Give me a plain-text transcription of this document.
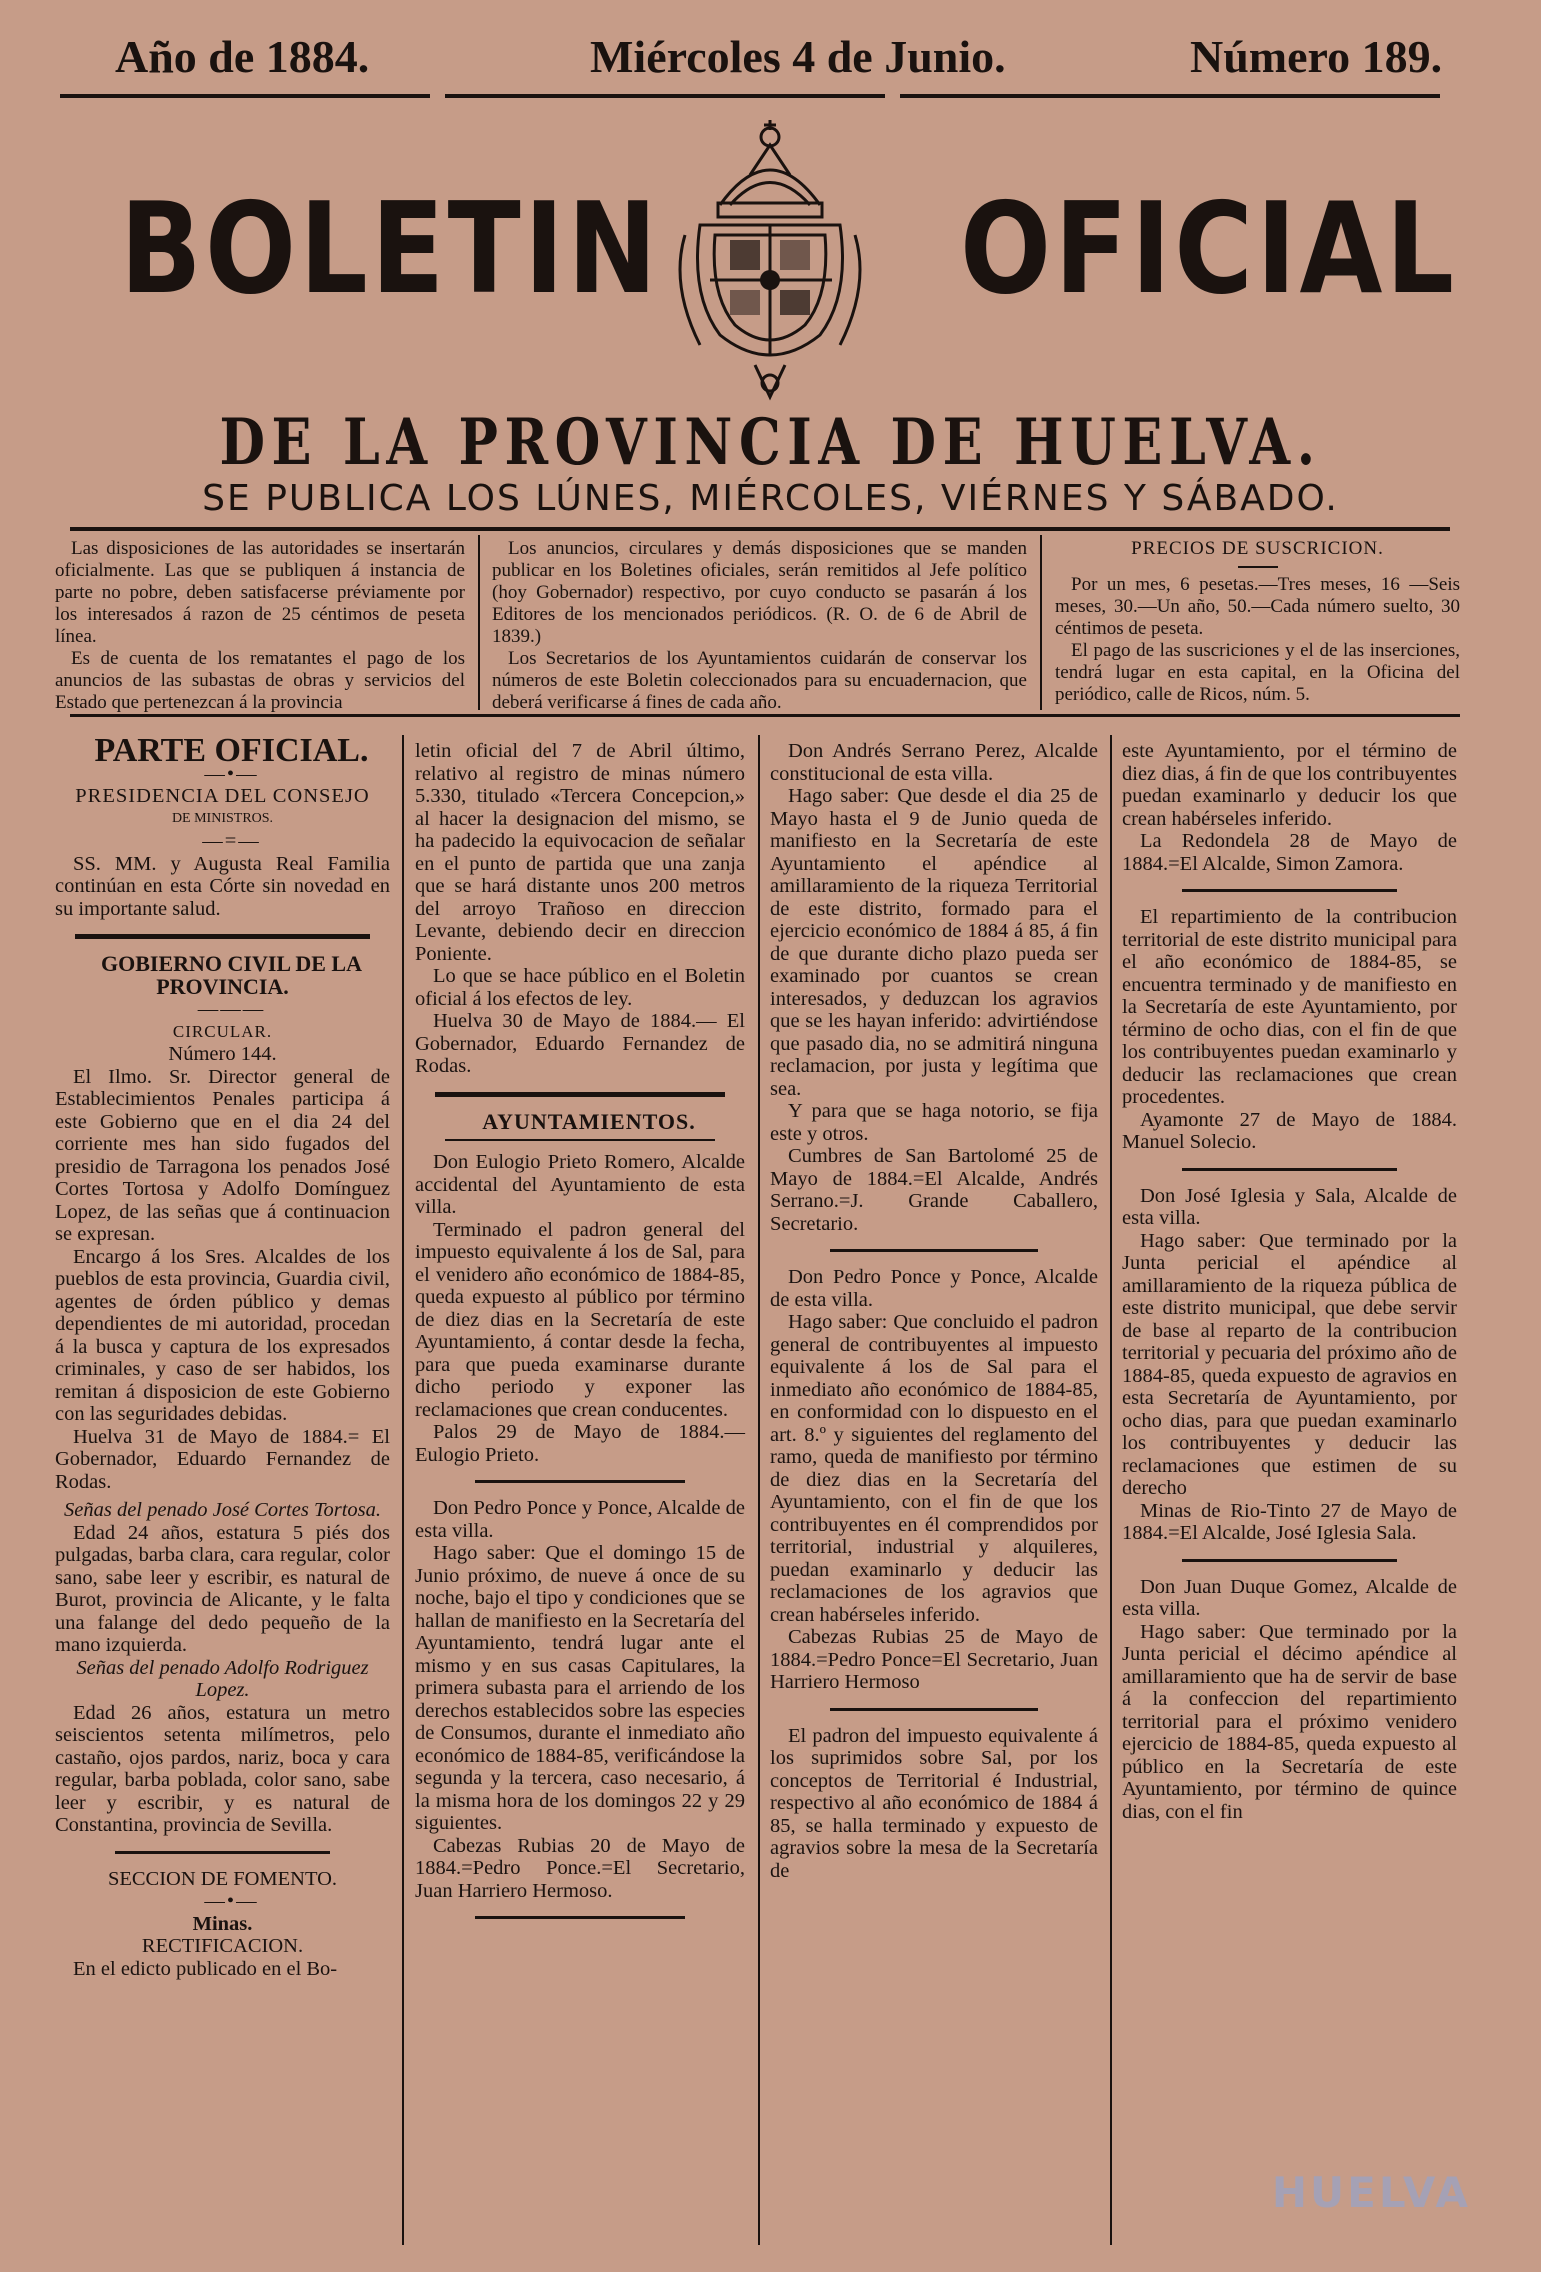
Año de 1884.	Miércoles 4 de Junio.	Número 189.
BOLETIN OFICIAL
DE LA PROVINCIA DE HUELVA.
SE PUBLICA LOS LÚNES, MIÉRCOLES, VIÉRNES Y SÁBADO.

Las disposiciones de las autoridades se insertarán oficialmente. Las que se publiquen á instancia de parte no pobre, deben satisfacerse préviamente por los interesados á razon de 25 céntimos de peseta línea.

Es de cuenta de los rematantes el pago de los anuncios de las subastas de obras y servicios del Estado que pertenezcan á la provincia

Los anuncios, circulares y demás disposiciones que se manden publicar en los Boletines oficiales, serán remitidos al Jefe político (hoy Gobernador) respectivo, por cuyo conducto se pasarán á los Editores de los mencionados periódicos. (R. O. de 6 de Abril de 1839.)

Los Secretarios de los Ayuntamientos cuidarán de conservar los números de este Boletin coleccionados para su encuadernacion, que deberá verificarse á fines de cada año.

PRECIOS DE SUSCRICION.

Por un mes, 6 pesetas.—Tres meses, 16 —Seis meses, 30.—Un año, 50.—Cada número suelto, 30 céntimos de peseta.

El pago de las suscriciones y el de las inserciones, tendrá lugar en esta capital, en la Oficina del periódico, calle de Ricos, núm. 5.

PARTE OFICIAL.

—•—

PRESIDENCIA DEL CONSEJO

DE MINISTROS.

—=—

SS. MM. y Augusta Real Familia continúan en esta Córte sin novedad en su importante salud.

GOBIERNO CIVIL DE LA PROVINCIA.

———

CIRCULAR.

Número 144.

El Ilmo. Sr. Director general de Establecimientos Penales participa á este Gobierno que en el dia 24 del corriente mes han sido fugados del presidio de Tarragona los penados José Cortes Tortosa y Adolfo Domínguez Lopez, de las señas que á continuacion se expresan.

Encargo á los Sres. Alcaldes de los pueblos de esta provincia, Guardia civil, agentes de órden público y demas dependientes de mi autoridad, procedan á la busca y captura de los expresados criminales, y caso de ser habidos, los remitan á disposicion de este Gobierno con las seguridades debidas.

Huelva 31 de Mayo de 1884.= El Gobernador, Eduardo Fernandez de Rodas.

Señas del penado José Cortes Tortosa.

Edad 24 años, estatura 5 piés dos pulgadas, barba clara, cara regular, color sano, sabe leer y escribir, es natural de Burot, provincia de Alicante, y le falta una falange del dedo pequeño de la mano izquierda.

Señas del penado Adolfo Rodriguez Lopez.

Edad 26 años, estatura un metro seiscientos setenta milímetros, pelo castaño, ojos pardos, nariz, boca y cara regular, barba poblada, color sano, sabe leer y escribir, y es natural de Constantina, provincia de Sevilla.

SECCION DE FOMENTO.

—•—

Minas.

RECTIFICACION.

En el edicto publicado en el Bo-

letin oficial del 7 de Abril último, relativo al registro de minas número 5.330, titulado «Tercera Concepcion,» al hacer la designacion del mismo, se ha padecido la equivocacion de señalar en el punto de partida que una zanja que se hará distante unos 200 metros del arroyo Trañoso en direccion Levante, debiendo decir en direccion Poniente.

Lo que se hace público en el Boletin oficial á los efectos de ley.

Huelva 30 de Mayo de 1884.— El Gobernador, Eduardo Fernandez de Rodas.

AYUNTAMIENTOS.

Don Eulogio Prieto Romero, Alcalde accidental del Ayuntamiento de esta villa.

Terminado el padron general del impuesto equivalente á los de Sal, para el venidero año económico de 1884-85, queda expuesto al público por término de diez dias en la Secretaría de este Ayuntamiento, á contar desde la fecha, para que pueda examinarse durante dicho periodo y exponer las reclamaciones que crean conducentes.

Palos 29 de Mayo de 1884.— Eulogio Prieto.

Don Pedro Ponce y Ponce, Alcalde de esta villa.

Hago saber: Que el domingo 15 de Junio próximo, de nueve á once de su noche, bajo el tipo y condiciones que se hallan de manifiesto en la Secretaría del Ayuntamiento, tendrá lugar ante el mismo y en sus casas Capitulares, la primera subasta para el arriendo de los derechos establecidos sobre las especies de Consumos, durante el inmediato año económico de 1884-85, verificándose la segunda y la tercera, caso necesario, á la misma hora de los domingos 22 y 29 siguientes.

Cabezas Rubias 20 de Mayo de 1884.=Pedro Ponce.=El Secretario, Juan Harriero Hermoso.

Don Andrés Serrano Perez, Alcalde constitucional de esta villa.

Hago saber: Que desde el dia 25 de Mayo hasta el 9 de Junio queda de manifiesto en la Secretaría de este Ayuntamiento el apéndice al amillaramiento de la riqueza Territorial de este distrito, formado para el ejercicio económico de 1884 á 85, á fin de que durante dicho plazo pueda ser examinado por cuantos se crean interesados, y deduzcan los agravios que se les hayan inferido: advirtiéndose que pasado dia, no se admitirá ninguna reclamacion, por justa y legítima que sea.

Y para que se haga notorio, se fija este y otros.

Cumbres de San Bartolomé 25 de Mayo de 1884.=El Alcalde, Andrés Serrano.=J. Grande Caballero, Secretario.

Don Pedro Ponce y Ponce, Alcalde de esta villa.

Hago saber: Que concluido el padron general de contribuyentes al impuesto equivalente á los de Sal para el inmediato año económico de 1884-85, en conformidad con lo dispuesto en el art. 8.º y siguientes del reglamento del ramo, queda de manifiesto por término de diez dias en la Secretaría del Ayuntamiento, con el fin de que los contribuyentes en él comprendidos por territorial, industrial y alquileres, puedan examinarlo y deducir las reclamaciones de los agravios que crean habérseles inferido.

Cabezas Rubias 25 de Mayo de 1884.=Pedro Ponce=El Secretario, Juan Harriero Hermoso

El padron del impuesto equivalente á los suprimidos sobre Sal, por los conceptos de Territorial é Industrial, respectivo al año económico de 1884 á 85, se halla terminado y expuesto de agravios sobre la mesa de la Secretaría de

este Ayuntamiento, por el término de diez dias, á fin de que los contribuyentes puedan examinarlo y deducir los que crean habérseles inferido.

La Redondela 28 de Mayo de 1884.=El Alcalde, Simon Zamora.

El repartimiento de la contribucion territorial de este distrito municipal para el año económico de 1884-85, se encuentra terminado y de manifiesto en la Secretaría de este Ayuntamiento, por término de ocho dias, con el fin de que los contribuyentes puedan examinarlo y deducir las reclamaciones que crean procedentes.

Ayamonte 27 de Mayo de 1884. Manuel Solecio.

Don José Iglesia y Sala, Alcalde de esta villa.

Hago saber: Que terminado por la Junta pericial el apéndice al amillaramiento de la riqueza pública de este distrito municipal, que debe servir de base al reparto de la contribucion territorial y pecuaria del próximo año de 1884-85, queda expuesto de agravios en esta Secretaría de Ayuntamiento, por ocho dias, para que puedan examinarlo los contribuyentes y deducir las reclamaciones que estimen de su derecho

Minas de Rio-Tinto 27 de Mayo de 1884.=El Alcalde, José Iglesia Sala.

Don Juan Duque Gomez, Alcalde de esta villa.

Hago saber: Que terminado por la Junta pericial el décimo apéndice al amillaramiento que ha de servir de base á la confeccion del repartimiento territorial para el próximo venidero ejercicio de 1884-85, queda expuesto al público en la Secretaría de este Ayuntamiento, por término de quince dias, con el fin

HUELVA
